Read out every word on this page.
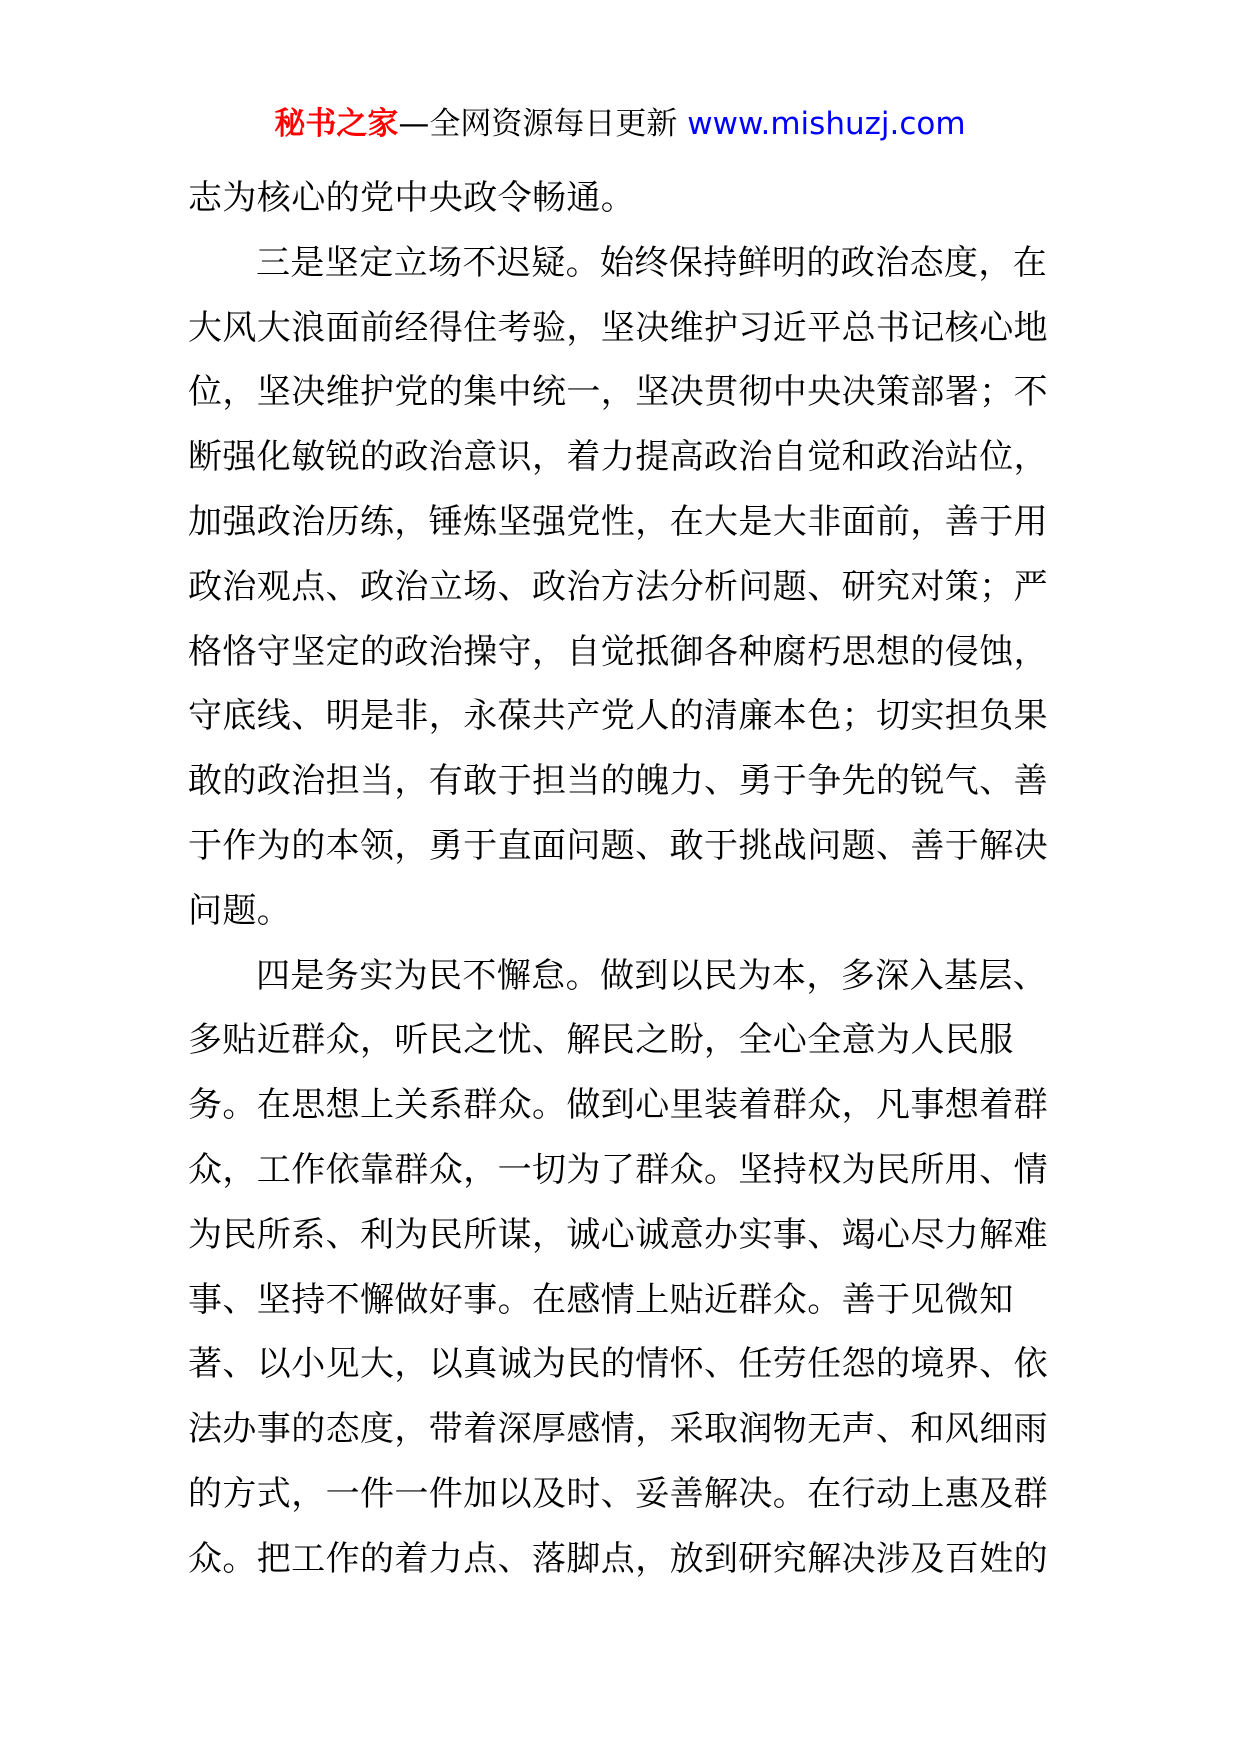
秘书之家—全网资源每日更新 www.mishuzj.com
志为核心的党中央政令畅通。
三是坚定立场不迟疑。始终保持鲜明的政治态度，在
大风大浪面前经得住考验，坚决维护习近平总书记核心地
位，坚决维护党的集中统一，坚决贯彻中央决策部署；不
断强化敏锐的政治意识，着力提高政治自觉和政治站位，
加强政治历练，锤炼坚强党性，在大是大非面前，善于用
政治观点、政治立场、政治方法分析问题、研究对策；严
格恪守坚定的政治操守，自觉抵御各种腐朽思想的侵蚀，
守底线、明是非，永葆共产党人的清廉本色；切实担负果
敢的政治担当，有敢于担当的魄力、勇于争先的锐气、善
于作为的本领，勇于直面问题、敢于挑战问题、善于解决
问题。
四是务实为民不懈怠。做到以民为本，多深入基层、
多贴近群众，听民之忧、解民之盼，全心全意为人民服
务。在思想上关系群众。做到心里装着群众，凡事想着群
众，工作依靠群众，一切为了群众。坚持权为民所用、情
为民所系、利为民所谋，诚心诚意办实事、竭心尽力解难
事、坚持不懈做好事。在感情上贴近群众。善于见微知
著、以小见大，以真诚为民的情怀、任劳任怨的境界、依
法办事的态度，带着深厚感情，采取润物无声、和风细雨
的方式，一件一件加以及时、妥善解决。在行动上惠及群
众。把工作的着力点、落脚点，放到研究解决涉及百姓的
